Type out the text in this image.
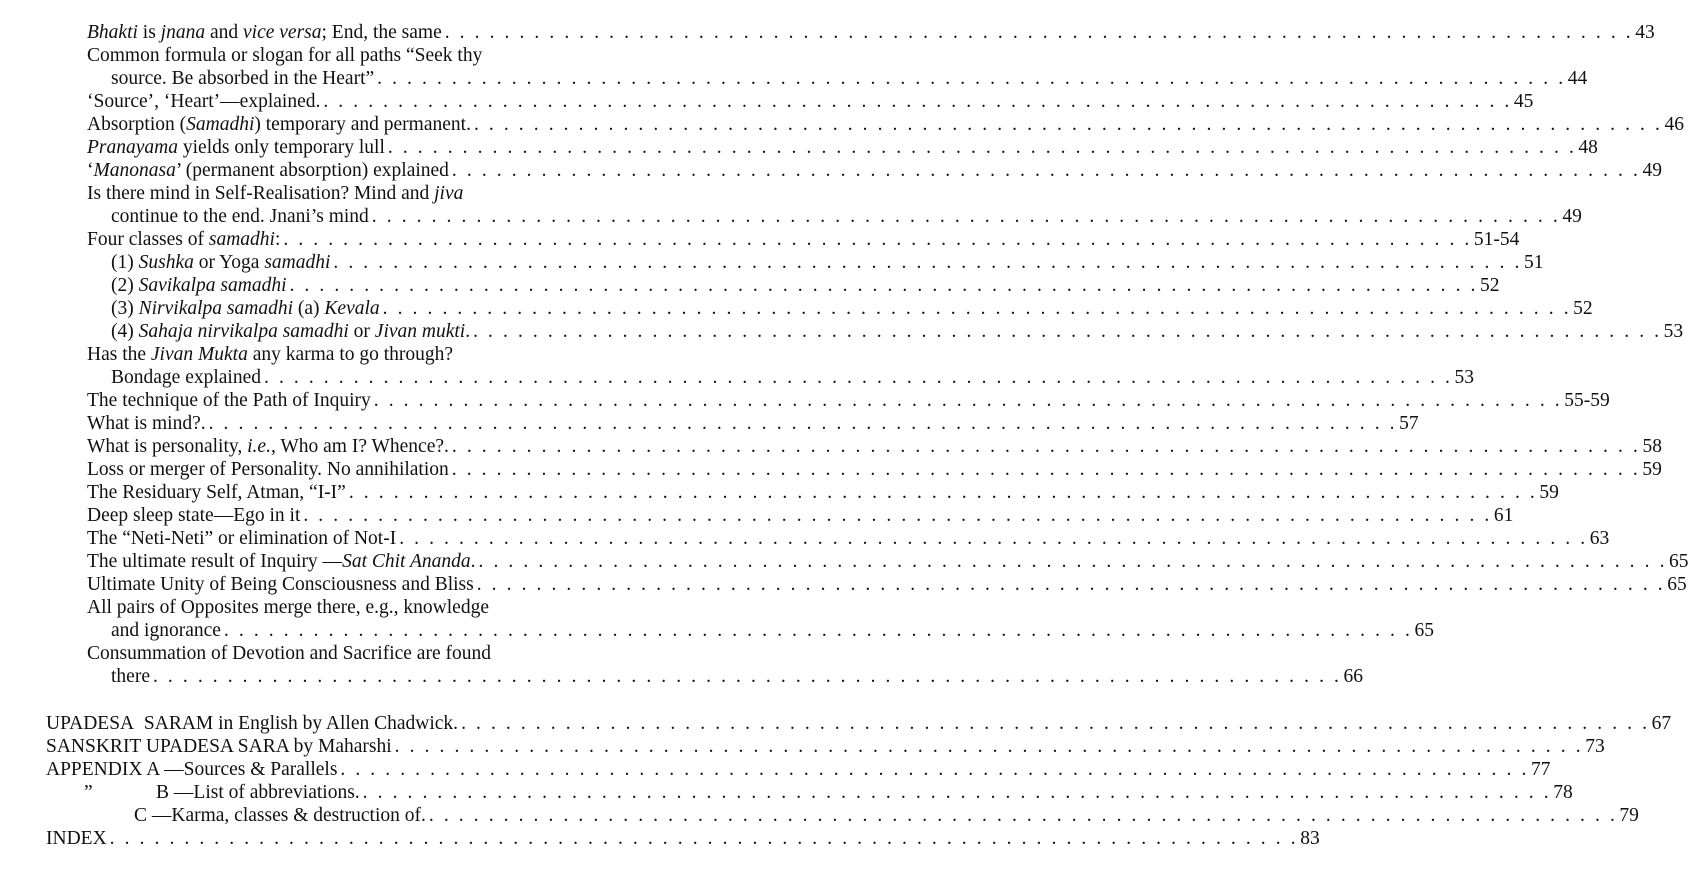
Bhakti is jnana and vice versa; End, the same . . . . . . . . . . . . . . . . . . . . . . . . . . . . . . . . . . . . . . . . . . . . . . . . . . . . . . . . . . . . . . . . . . . . . . . . . . . . . . . . 43
Common formula or slogan for all paths “Seek thy
source. Be absorbed in the Heart” . . . . . . . . . . . . . . . . . . . . . . . . . . . . . . . . . . . . . . . . . . . . . . . . . . . . . . . . . . . . . . . . . . . . . . . . . . . . . . . . 44
‘Source’, ‘Heart’—explained. . . . . . . . . . . . . . . . . . . . . . . . . . . . . . . . . . . . . . . . . . . . . . . . . . . . . . . . . . . . . . . . . . . . . . . . . . . . . . . . . 45
Absorption (Samadhi) temporary and permanent. . . . . . . . . . . . . . . . . . . . . . . . . . . . . . . . . . . . . . . . . . . . . . . . . . . . . . . . . . . . . . . . . . . . . . . . . . . . . . . . . 46
Pranayama yields only temporary lull . . . . . . . . . . . . . . . . . . . . . . . . . . . . . . . . . . . . . . . . . . . . . . . . . . . . . . . . . . . . . . . . . . . . . . . . . . . . . . . . 48
‘Manonasa’ (permanent absorption) explained . . . . . . . . . . . . . . . . . . . . . . . . . . . . . . . . . . . . . . . . . . . . . . . . . . . . . . . . . . . . . . . . . . . . . . . . . . . . . . . . 49
Is there mind in Self-Realisation? Mind and jiva
continue to the end. Jnani’s mind . . . . . . . . . . . . . . . . . . . . . . . . . . . . . . . . . . . . . . . . . . . . . . . . . . . . . . . . . . . . . . . . . . . . . . . . . . . . . . . . 49
Four classes of samadhi: . . . . . . . . . . . . . . . . . . . . . . . . . . . . . . . . . . . . . . . . . . . . . . . . . . . . . . . . . . . . . . . . . . . . . . . . . . . . . . . . 51-54
(1) Sushka or Yoga samadhi . . . . . . . . . . . . . . . . . . . . . . . . . . . . . . . . . . . . . . . . . . . . . . . . . . . . . . . . . . . . . . . . . . . . . . . . . . . . . . . . 51
(2) Savikalpa samadhi . . . . . . . . . . . . . . . . . . . . . . . . . . . . . . . . . . . . . . . . . . . . . . . . . . . . . . . . . . . . . . . . . . . . . . . . . . . . . . . . 52
(3) Nirvikalpa samadhi (a) Kevala . . . . . . . . . . . . . . . . . . . . . . . . . . . . . . . . . . . . . . . . . . . . . . . . . . . . . . . . . . . . . . . . . . . . . . . . . . . . . . . . 52
(4) Sahaja nirvikalpa samadhi or Jivan mukti. . . . . . . . . . . . . . . . . . . . . . . . . . . . . . . . . . . . . . . . . . . . . . . . . . . . . . . . . . . . . . . . . . . . . . . . . . . . . . . . . 53
Has the Jivan Mukta any karma to go through?
Bondage explained . . . . . . . . . . . . . . . . . . . . . . . . . . . . . . . . . . . . . . . . . . . . . . . . . . . . . . . . . . . . . . . . . . . . . . . . . . . . . . . . 53
The technique of the Path of Inquiry . . . . . . . . . . . . . . . . . . . . . . . . . . . . . . . . . . . . . . . . . . . . . . . . . . . . . . . . . . . . . . . . . . . . . . . . . . . . . . . . 55-59
What is mind?. . . . . . . . . . . . . . . . . . . . . . . . . . . . . . . . . . . . . . . . . . . . . . . . . . . . . . . . . . . . . . . . . . . . . . . . . . . . . . . . . 57
What is personality, i.e., Who am I? Whence?. . . . . . . . . . . . . . . . . . . . . . . . . . . . . . . . . . . . . . . . . . . . . . . . . . . . . . . . . . . . . . . . . . . . . . . . . . . . . . . . . 58
Loss or merger of Personality. No annihilation . . . . . . . . . . . . . . . . . . . . . . . . . . . . . . . . . . . . . . . . . . . . . . . . . . . . . . . . . . . . . . . . . . . . . . . . . . . . . . . . 59
The Residuary Self, Atman, “I-I” . . . . . . . . . . . . . . . . . . . . . . . . . . . . . . . . . . . . . . . . . . . . . . . . . . . . . . . . . . . . . . . . . . . . . . . . . . . . . . . . 59
Deep sleep state—Ego in it . . . . . . . . . . . . . . . . . . . . . . . . . . . . . . . . . . . . . . . . . . . . . . . . . . . . . . . . . . . . . . . . . . . . . . . . . . . . . . . . 61
The “Neti-Neti” or elimination of Not-I . . . . . . . . . . . . . . . . . . . . . . . . . . . . . . . . . . . . . . . . . . . . . . . . . . . . . . . . . . . . . . . . . . . . . . . . . . . . . . . . 63
The ultimate result of Inquiry —Sat Chit Ananda. . . . . . . . . . . . . . . . . . . . . . . . . . . . . . . . . . . . . . . . . . . . . . . . . . . . . . . . . . . . . . . . . . . . . . . . . . . . . . . . . 65
Ultimate Unity of Being Consciousness and Bliss . . . . . . . . . . . . . . . . . . . . . . . . . . . . . . . . . . . . . . . . . . . . . . . . . . . . . . . . . . . . . . . . . . . . . . . . . . . . . . . . 65
All pairs of Opposites merge there, e.g., knowledge
and ignorance . . . . . . . . . . . . . . . . . . . . . . . . . . . . . . . . . . . . . . . . . . . . . . . . . . . . . . . . . . . . . . . . . . . . . . . . . . . . . . . . 65
Consummation of Devotion and Sacrifice are found
there . . . . . . . . . . . . . . . . . . . . . . . . . . . . . . . . . . . . . . . . . . . . . . . . . . . . . . . . . . . . . . . . . . . . . . . . . . . . . . . . 66
UPADESA  SARAM in English by Allen Chadwick. . . . . . . . . . . . . . . . . . . . . . . . . . . . . . . . . . . . . . . . . . . . . . . . . . . . . . . . . . . . . . . . . . . . . . . . . . . . . . . . . 67
SANSKRIT UPADESA SARA by Maharshi . . . . . . . . . . . . . . . . . . . . . . . . . . . . . . . . . . . . . . . . . . . . . . . . . . . . . . . . . . . . . . . . . . . . . . . . . . . . . . . . 73
APPENDIX A —Sources & Parallels . . . . . . . . . . . . . . . . . . . . . . . . . . . . . . . . . . . . . . . . . . . . . . . . . . . . . . . . . . . . . . . . . . . . . . . . . . . . . . . . 77
”             B —List of abbreviations. . . . . . . . . . . . . . . . . . . . . . . . . . . . . . . . . . . . . . . . . . . . . . . . . . . . . . . . . . . . . . . . . . . . . . . . . . . . . . . . . 78
C —Karma, classes & destruction of. . . . . . . . . . . . . . . . . . . . . . . . . . . . . . . . . . . . . . . . . . . . . . . . . . . . . . . . . . . . . . . . . . . . . . . . . . . . . . . . . 79
INDEX . . . . . . . . . . . . . . . . . . . . . . . . . . . . . . . . . . . . . . . . . . . . . . . . . . . . . . . . . . . . . . . . . . . . . . . . . . . . . . . . 83
